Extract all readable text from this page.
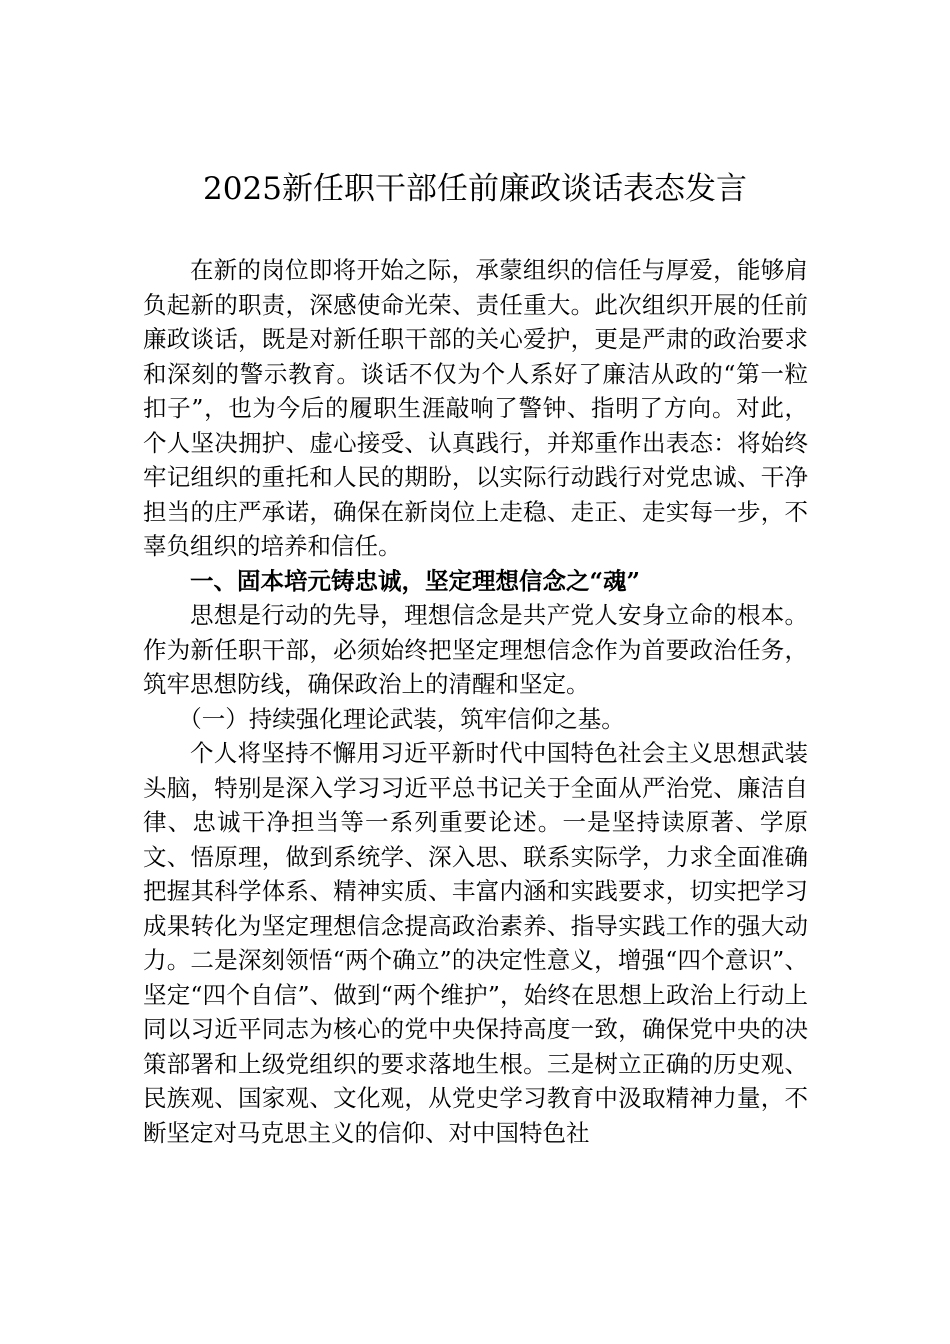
2025新任职干部任前廉政谈话表态发言

在新的岗位即将开始之际，承蒙组织的信任与厚爱，能够肩负起新的职责，深感使命光荣、责任重大。此次组织开展的任前廉政谈话，既是对新任职干部的关心爱护，更是严肃的政治要求和深刻的警示教育。谈话不仅为个人系好了廉洁从政的“第一粒扣子”，也为今后的履职生涯敲响了警钟、指明了方向。对此，个人坚决拥护、虚心接受、认真践行，并郑重作出表态：将始终牢记组织的重托和人民的期盼，以实际行动践行对党忠诚、干净担当的庄严承诺，确保在新岗位上走稳、走正、走实每一步，不辜负组织的培养和信任。

一、固本培元铸忠诚，坚定理想信念之“魂”

思想是行动的先导，理想信念是共产党人安身立命的根本。作为新任职干部，必须始终把坚定理想信念作为首要政治任务，筑牢思想防线，确保政治上的清醒和坚定。

（一）持续强化理论武装，筑牢信仰之基。

个人将坚持不懈用习近平新时代中国特色社会主义思想武装头脑，特别是深入学习习近平总书记关于全面从严治党、廉洁自律、忠诚干净担当等一系列重要论述。一是坚持读原著、学原文、悟原理，做到系统学、深入思、联系实际学，力求全面准确把握其科学体系、精神实质、丰富内涵和实践要求，切实把学习成果转化为坚定理想信念提高政治素养、指导实践工作的强大动力。二是深刻领悟“两个确立”的决定性意义，增强“四个意识”、坚定“四个自信”、做到“两个维护”，始终在思想上政治上行动上同以习近平同志为核心的党中央保持高度一致，确保党中央的决策部署和上级党组织的要求落地生根。三是树立正确的历史观、民族观、国家观、文化观，从党史学习教育中汲取精神力量，不断坚定对马克思主义的信仰、对中国特色社
